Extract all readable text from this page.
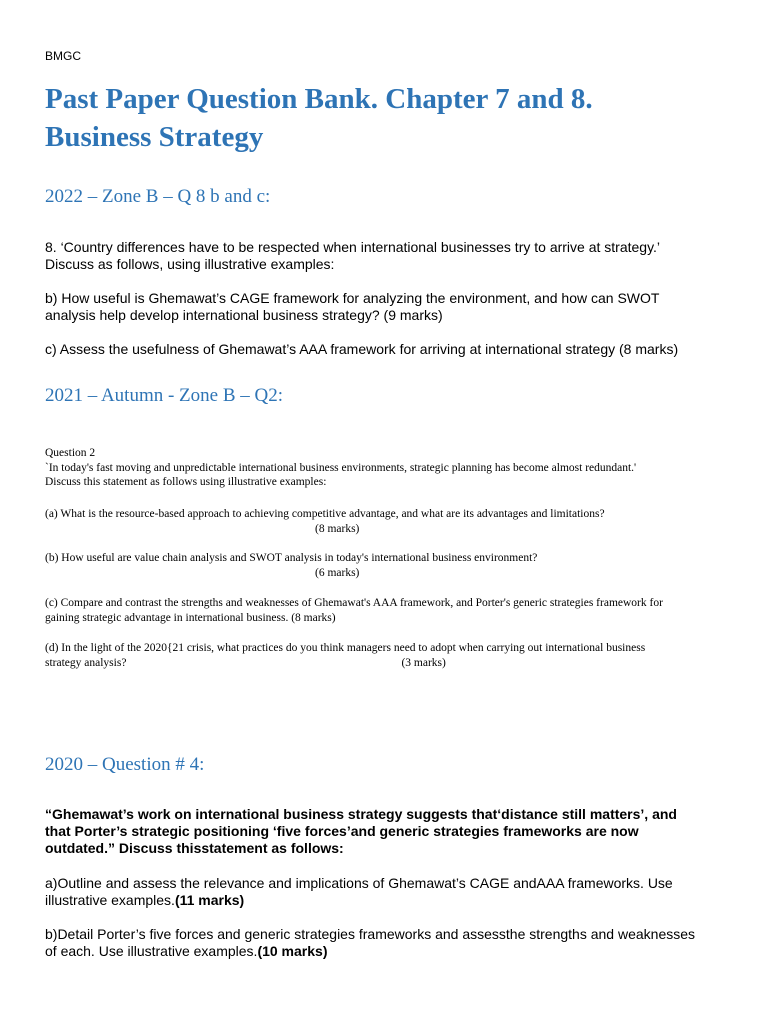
BMGC
Past Paper Question Bank. Chapter 7 and 8.
Business Strategy
2022 – Zone B – Q 8 b and c:

8. ‘Country differences have to be respected when international businesses try to arrive at strategy.’
Discuss as follows, using illustrative examples:

b) How useful is Ghemawat’s CAGE framework for analyzing the environment, and how can SWOT
analysis help develop international business strategy? (9 marks)

c) Assess the usefulness of Ghemawat’s AAA framework for arriving at international strategy (8 marks)

2021 – Autumn - Zone B – Q2:

Question 2
`In today's fast moving and unpredictable international business environments, strategic planning has become almost redundant.'
Discuss this statement as follows using illustrative examples:

(a) What is the resource-based approach to achieving competitive advantage, and what are its advantages and limitations?
(8 marks)

(b) How useful are value chain analysis and SWOT analysis in today's international business environment?
(6 marks)

(c) Compare and contrast the strengths and weaknesses of Ghemawat's AAA framework, and Porter's generic strategies framework for
gaining strategic advantage in international business. (8 marks)

(d) In the light of the 2020{21 crisis, what practices do you think managers need to adopt when carrying out international business
strategy analysis?	(3 marks)

2020 – Question # 4:

“Ghemawat’s work on international business strategy suggests that‘distance still matters’, and
that Porter’s strategic positioning ‘five forces’and generic strategies frameworks are now
outdated.” Discuss thisstatement as follows:

a)Outline and assess the relevance and implications of Ghemawat’s CAGE andAAA frameworks. Use
illustrative examples.(11 marks)

b)Detail Porter’s five forces and generic strategies frameworks and assessthe strengths and weaknesses
of each. Use illustrative examples.(10 marks)
